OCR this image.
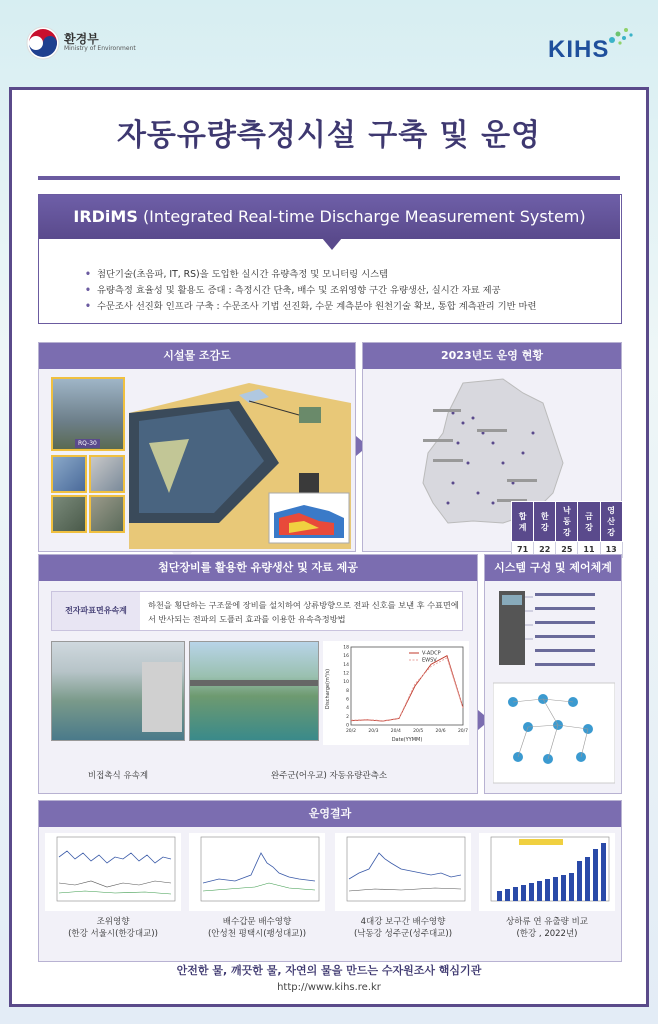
환경부
Ministry of Environment	KIHS
자동유량측정시설 구축 및 운영
IRDiMS (Integrated Real-time Discharge Measurement System)
• 첨단기술(초음파, IT, RS)을 도입한 실시간 유량측정 및 모니터링 시스템
• 유량측정 효율성 및 활용도 증대 : 측정시간 단축, 배수 및 조위영향 구간 유량생산, 실시간 자료 제공
• 수문조사 선진화 인프라 구축 : 수문조사 기법 선진화, 수문 계측분야 원천기술 확보, 통합 계측관리 기반 마련
시설물 조감도
RQ-30
2023년도 운영 현황
합계	한강	낙동강	금강	영산강
71	22	25	11	13
첨단장비를 활용한 유량생산 및 자료 제공
전자파표면유속계
하천을 횡단하는 구조물에 장비를 설치하여 상류방향으로 전파 신호를 보낸 후 수표면에서 반사되는 전파의 도플러 효과를 이용한 유속측정방법
Discharge(m³/s)
Date(YYMM)
0
2
4
6
8
10
12
14
16
18
20/2	20/3	20/4	20/5	20/6	20/7
V-ADCP
EWSV
비접촉식 유속계	완주군(어우교) 자동유량관측소
시스템 구성 및 제어체계
운영결과
조위영향
(한강 서울시(한강대교))
배수갑문 배수영향
(안성천 평택시(팽성대교))
4대강 보구간 배수영향
(낙동강 성주군(성주대교))
상하류 연 유출량 비교
(한강 , 2022년)
안전한 물, 깨끗한 물, 자연의 물을 만드는 수자원조사 핵심기관
http://www.kihs.re.kr
